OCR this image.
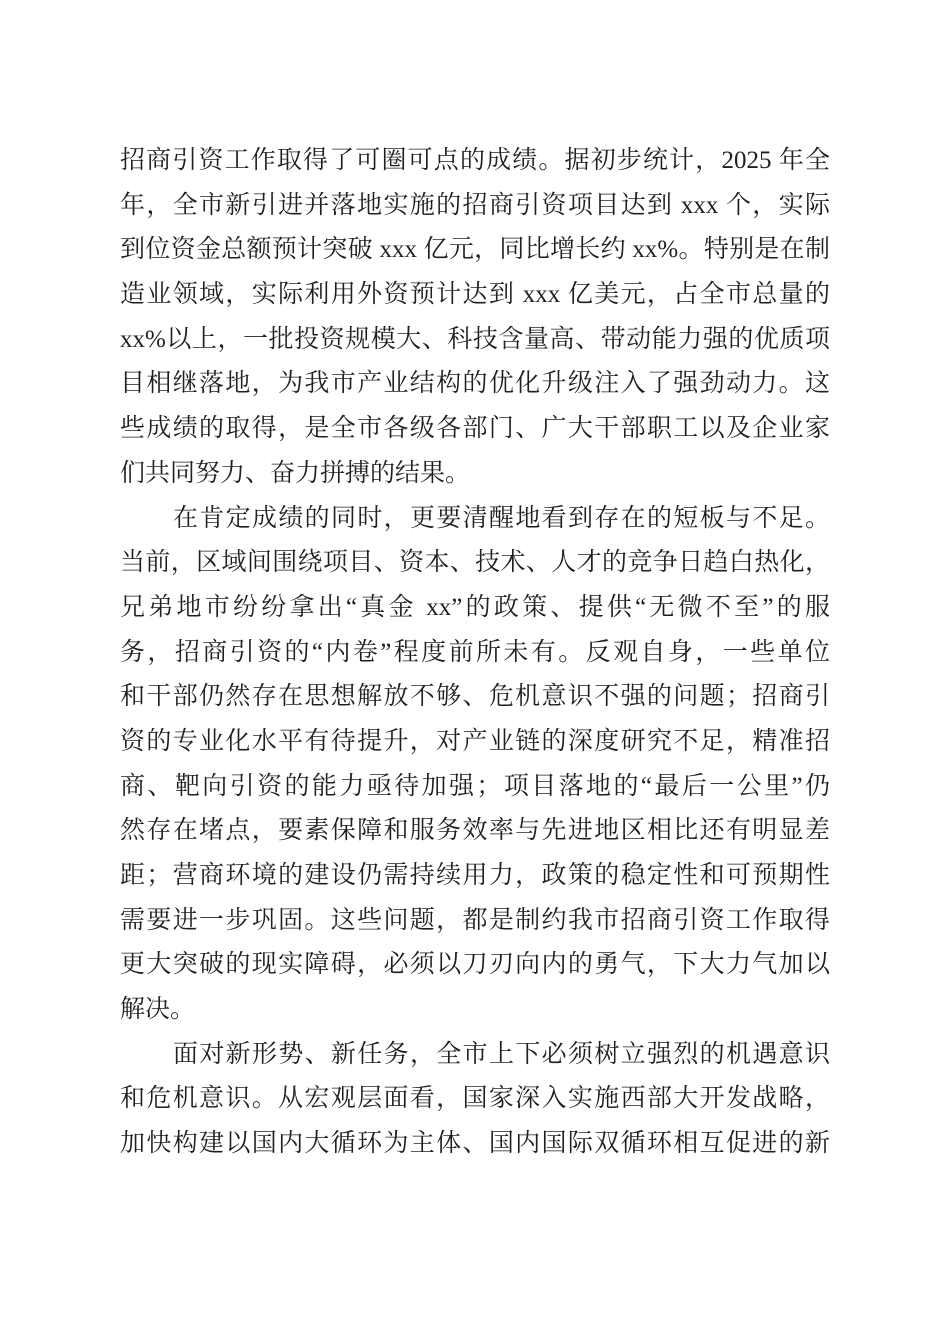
招商引资工作取得了可圈可点的成绩。据初步统计，2025 年全
年，全市新引进并落地实施的招商引资项目达到 xxx 个，实际
到位资金总额预计突破 xxx 亿元，同比增长约 xx%。特别是在制
造业领域，实际利用外资预计达到 xxx 亿美元，占全市总量的
xx%以上，一批投资规模大、科技含量高、带动能力强的优质项
目相继落地，为我市产业结构的优化升级注入了强劲动力。这
些成绩的取得，是全市各级各部门、广大干部职工以及企业家
们共同努力、奋力拼搏的结果。
在肯定成绩的同时，更要清醒地看到存在的短板与不足。
当前，区域间围绕项目、资本、技术、人才的竞争日趋白热化，
兄弟地市纷纷拿出“真金 xx”的政策、提供“无微不至”的服
务，招商引资的“内卷”程度前所未有。反观自身，一些单位
和干部仍然存在思想解放不够、危机意识不强的问题；招商引
资的专业化水平有待提升，对产业链的深度研究不足，精准招
商、靶向引资的能力亟待加强；项目落地的“最后一公里”仍
然存在堵点，要素保障和服务效率与先进地区相比还有明显差
距；营商环境的建设仍需持续用力，政策的稳定性和可预期性
需要进一步巩固。这些问题，都是制约我市招商引资工作取得
更大突破的现实障碍，必须以刀刃向内的勇气，下大力气加以
解决。
面对新形势、新任务，全市上下必须树立强烈的机遇意识
和危机意识。从宏观层面看，国家深入实施西部大开发战略，
加快构建以国内大循环为主体、国内国际双循环相互促进的新
